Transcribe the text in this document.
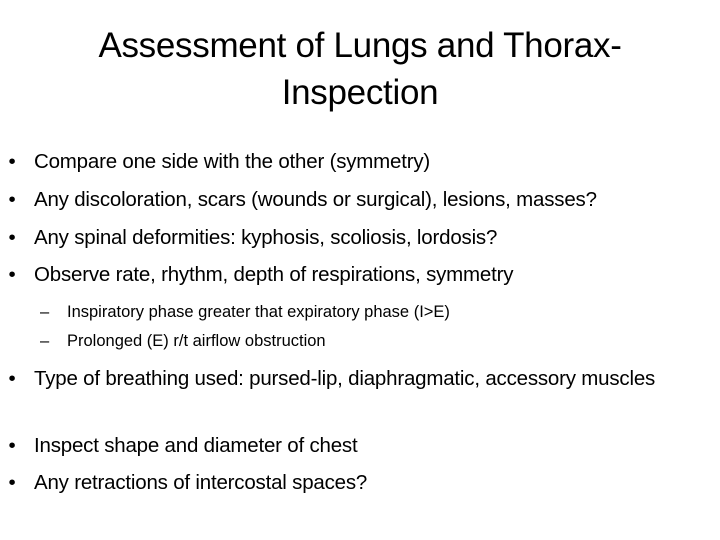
Assessment of Lungs and Thorax-
Inspection
• Compare one side with the other (symmetry)
• Any discoloration, scars (wounds or surgical), lesions, masses?
• Any spinal deformities: kyphosis, scoliosis, lordosis?
• Observe rate, rhythm, depth of respirations, symmetry
– Inspiratory phase greater that expiratory phase (I>E)
– Prolonged (E) r/t airflow obstruction
• Type of breathing used: pursed-lip, diaphragmatic, accessory muscles
• Inspect shape and diameter of chest
• Any retractions of intercostal spaces?
